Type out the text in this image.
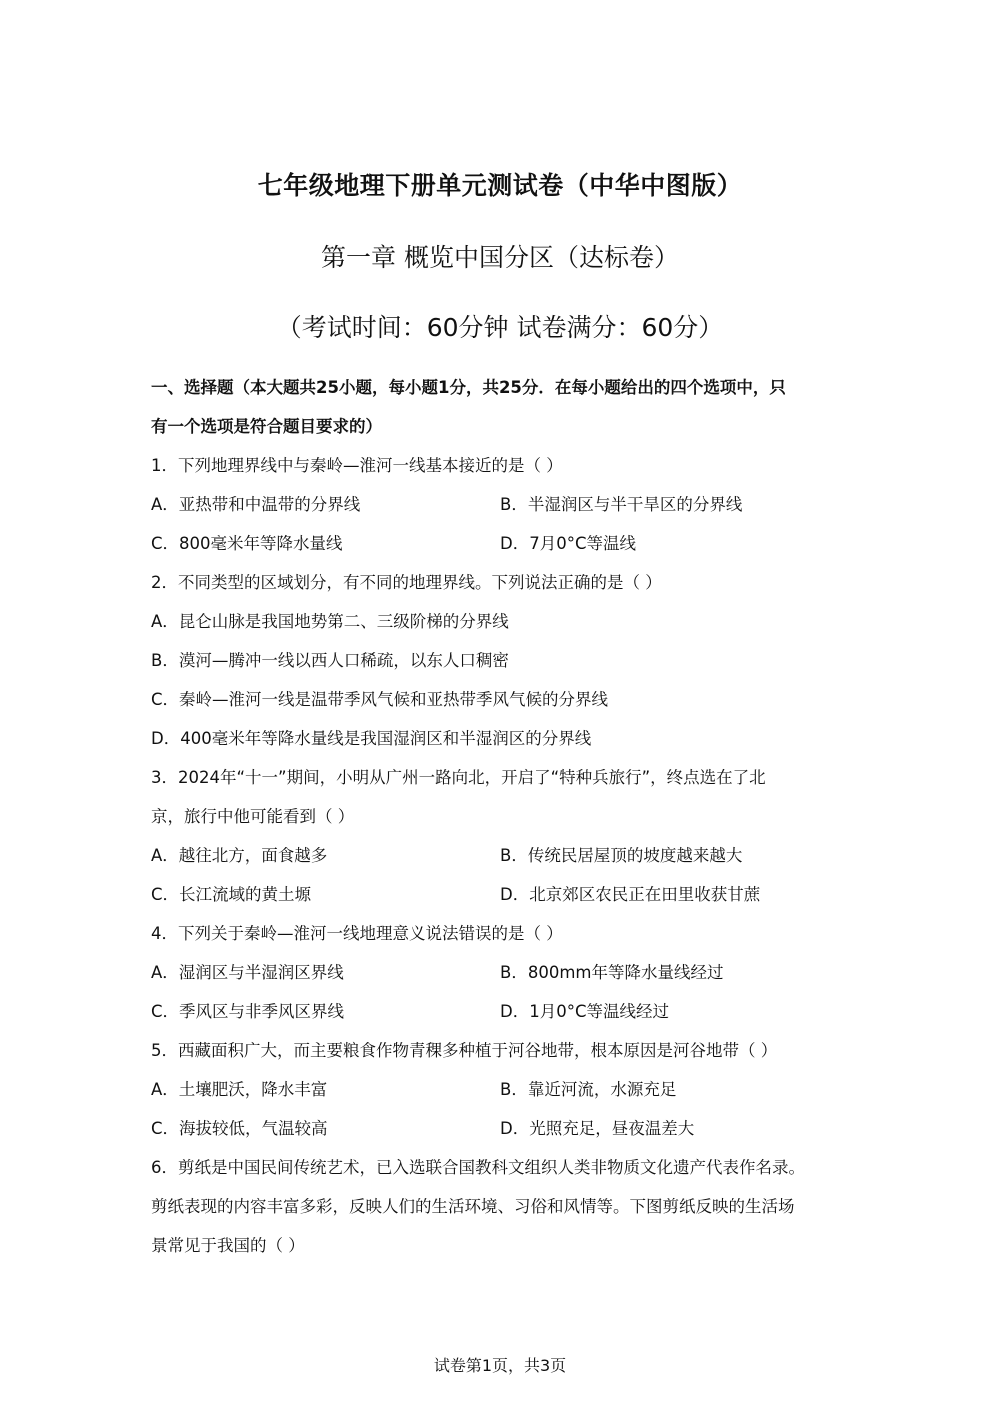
七年级地理下册单元测试卷（中华中图版）
第一章 概览中国分区（达标卷）
（考试时间：60分钟 试卷满分：60分）
一、选择题（本大题共25小题，每小题1分，共25分．在每小题给出的四个选项中，只
有一个选项是符合题目要求的）
1．下列地理界线中与秦岭—淮河一线基本接近的是（ ）
A．亚热带和中温带的分界线	B．半湿润区与半干旱区的分界线
C．800毫米年等降水量线	D．7月0°C等温线
2．不同类型的区域划分，有不同的地理界线。下列说法正确的是（ ）
A．昆仑山脉是我国地势第二、三级阶梯的分界线
B．漠河—腾冲一线以西人口稀疏，以东人口稠密
C．秦岭—淮河一线是温带季风气候和亚热带季风气候的分界线
D．400毫米年等降水量线是我国湿润区和半湿润区的分界线
3．2024年“十一”期间，小明从广州一路向北，开启了“特种兵旅行”，终点选在了北
京，旅行中他可能看到（ ）
A．越往北方，面食越多	B．传统民居屋顶的坡度越来越大
C．长江流域的黄土塬	D．北京郊区农民正在田里收获甘蔗
4．下列关于秦岭—淮河一线地理意义说法错误的是（ ）
A．湿润区与半湿润区界线	B．800mm年等降水量线经过
C．季风区与非季风区界线	D．1月0°C等温线经过
5．西藏面积广大，而主要粮食作物青稞多种植于河谷地带，根本原因是河谷地带（ ）
A．土壤肥沃，降水丰富	B．靠近河流，水源充足
C．海拔较低，气温较高	D．光照充足，昼夜温差大
6．剪纸是中国民间传统艺术，已入选联合国教科文组织人类非物质文化遗产代表作名录。
剪纸表现的内容丰富多彩，反映人们的生活环境、习俗和风情等。下图剪纸反映的生活场
景常见于我国的（ ）
试卷第1页，共3页
